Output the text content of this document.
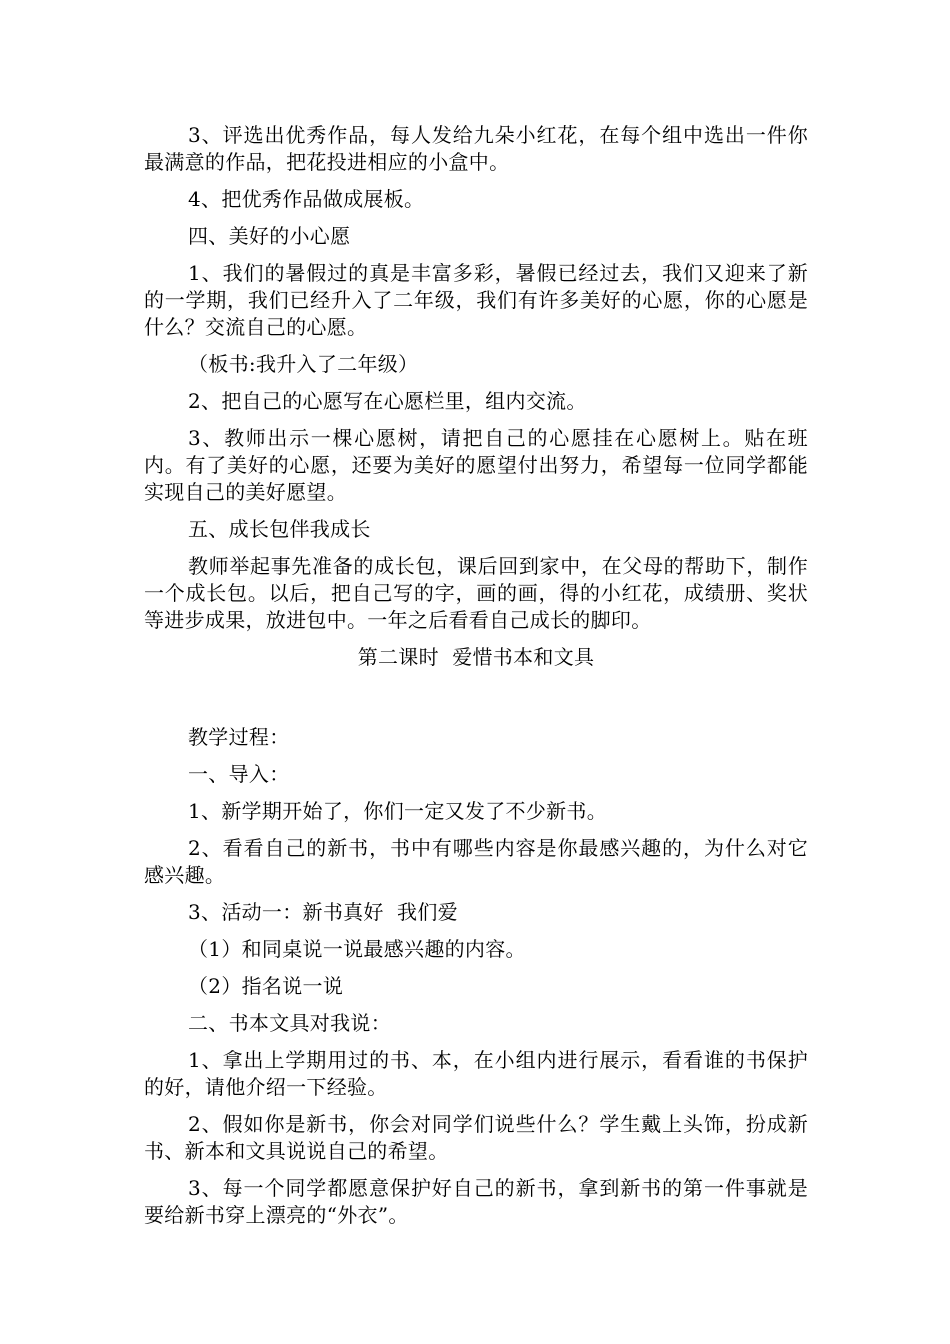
3、评选出优秀作品，每人发给九朵小红花，在每个组中选出一件你最满意的作品，把花投进相应的小盒中。

4、把优秀作品做成展板。

四、美好的小心愿

1、我们的暑假过的真是丰富多彩，暑假已经过去，我们又迎来了新的一学期，我们已经升入了二年级，我们有许多美好的心愿，你的心愿是什么？交流自己的心愿。

（板书:我升入了二年级）

2、把自己的心愿写在心愿栏里，组内交流。

3、教师出示一棵心愿树，请把自己的心愿挂在心愿树上。贴在班内。有了美好的心愿，还要为美好的愿望付出努力，希望每一位同学都能实现自己的美好愿望。

五、成长包伴我成长

教师举起事先准备的成长包，课后回到家中，在父母的帮助下，制作一个成长包。以后，把自己写的字，画的画，得的小红花，成绩册、奖状等进步成果，放进包中。一年之后看看自己成长的脚印。

第二课时  爱惜书本和文具

教学过程：

一、导入：

1、新学期开始了，你们一定又发了不少新书。

2、看看自己的新书，书中有哪些内容是你最感兴趣的，为什么对它感兴趣。

3、活动一：新书真好  我们爱

（1）和同桌说一说最感兴趣的内容。

（2）指名说一说

二、书本文具对我说：

1、拿出上学期用过的书、本，在小组内进行展示，看看谁的书保护的好，请他介绍一下经验。

2、假如你是新书，你会对同学们说些什么？学生戴上头饰，扮成新书、新本和文具说说自己的希望。

3、每一个同学都愿意保护好自己的新书，拿到新书的第一件事就是要给新书穿上漂亮的“外衣”。
